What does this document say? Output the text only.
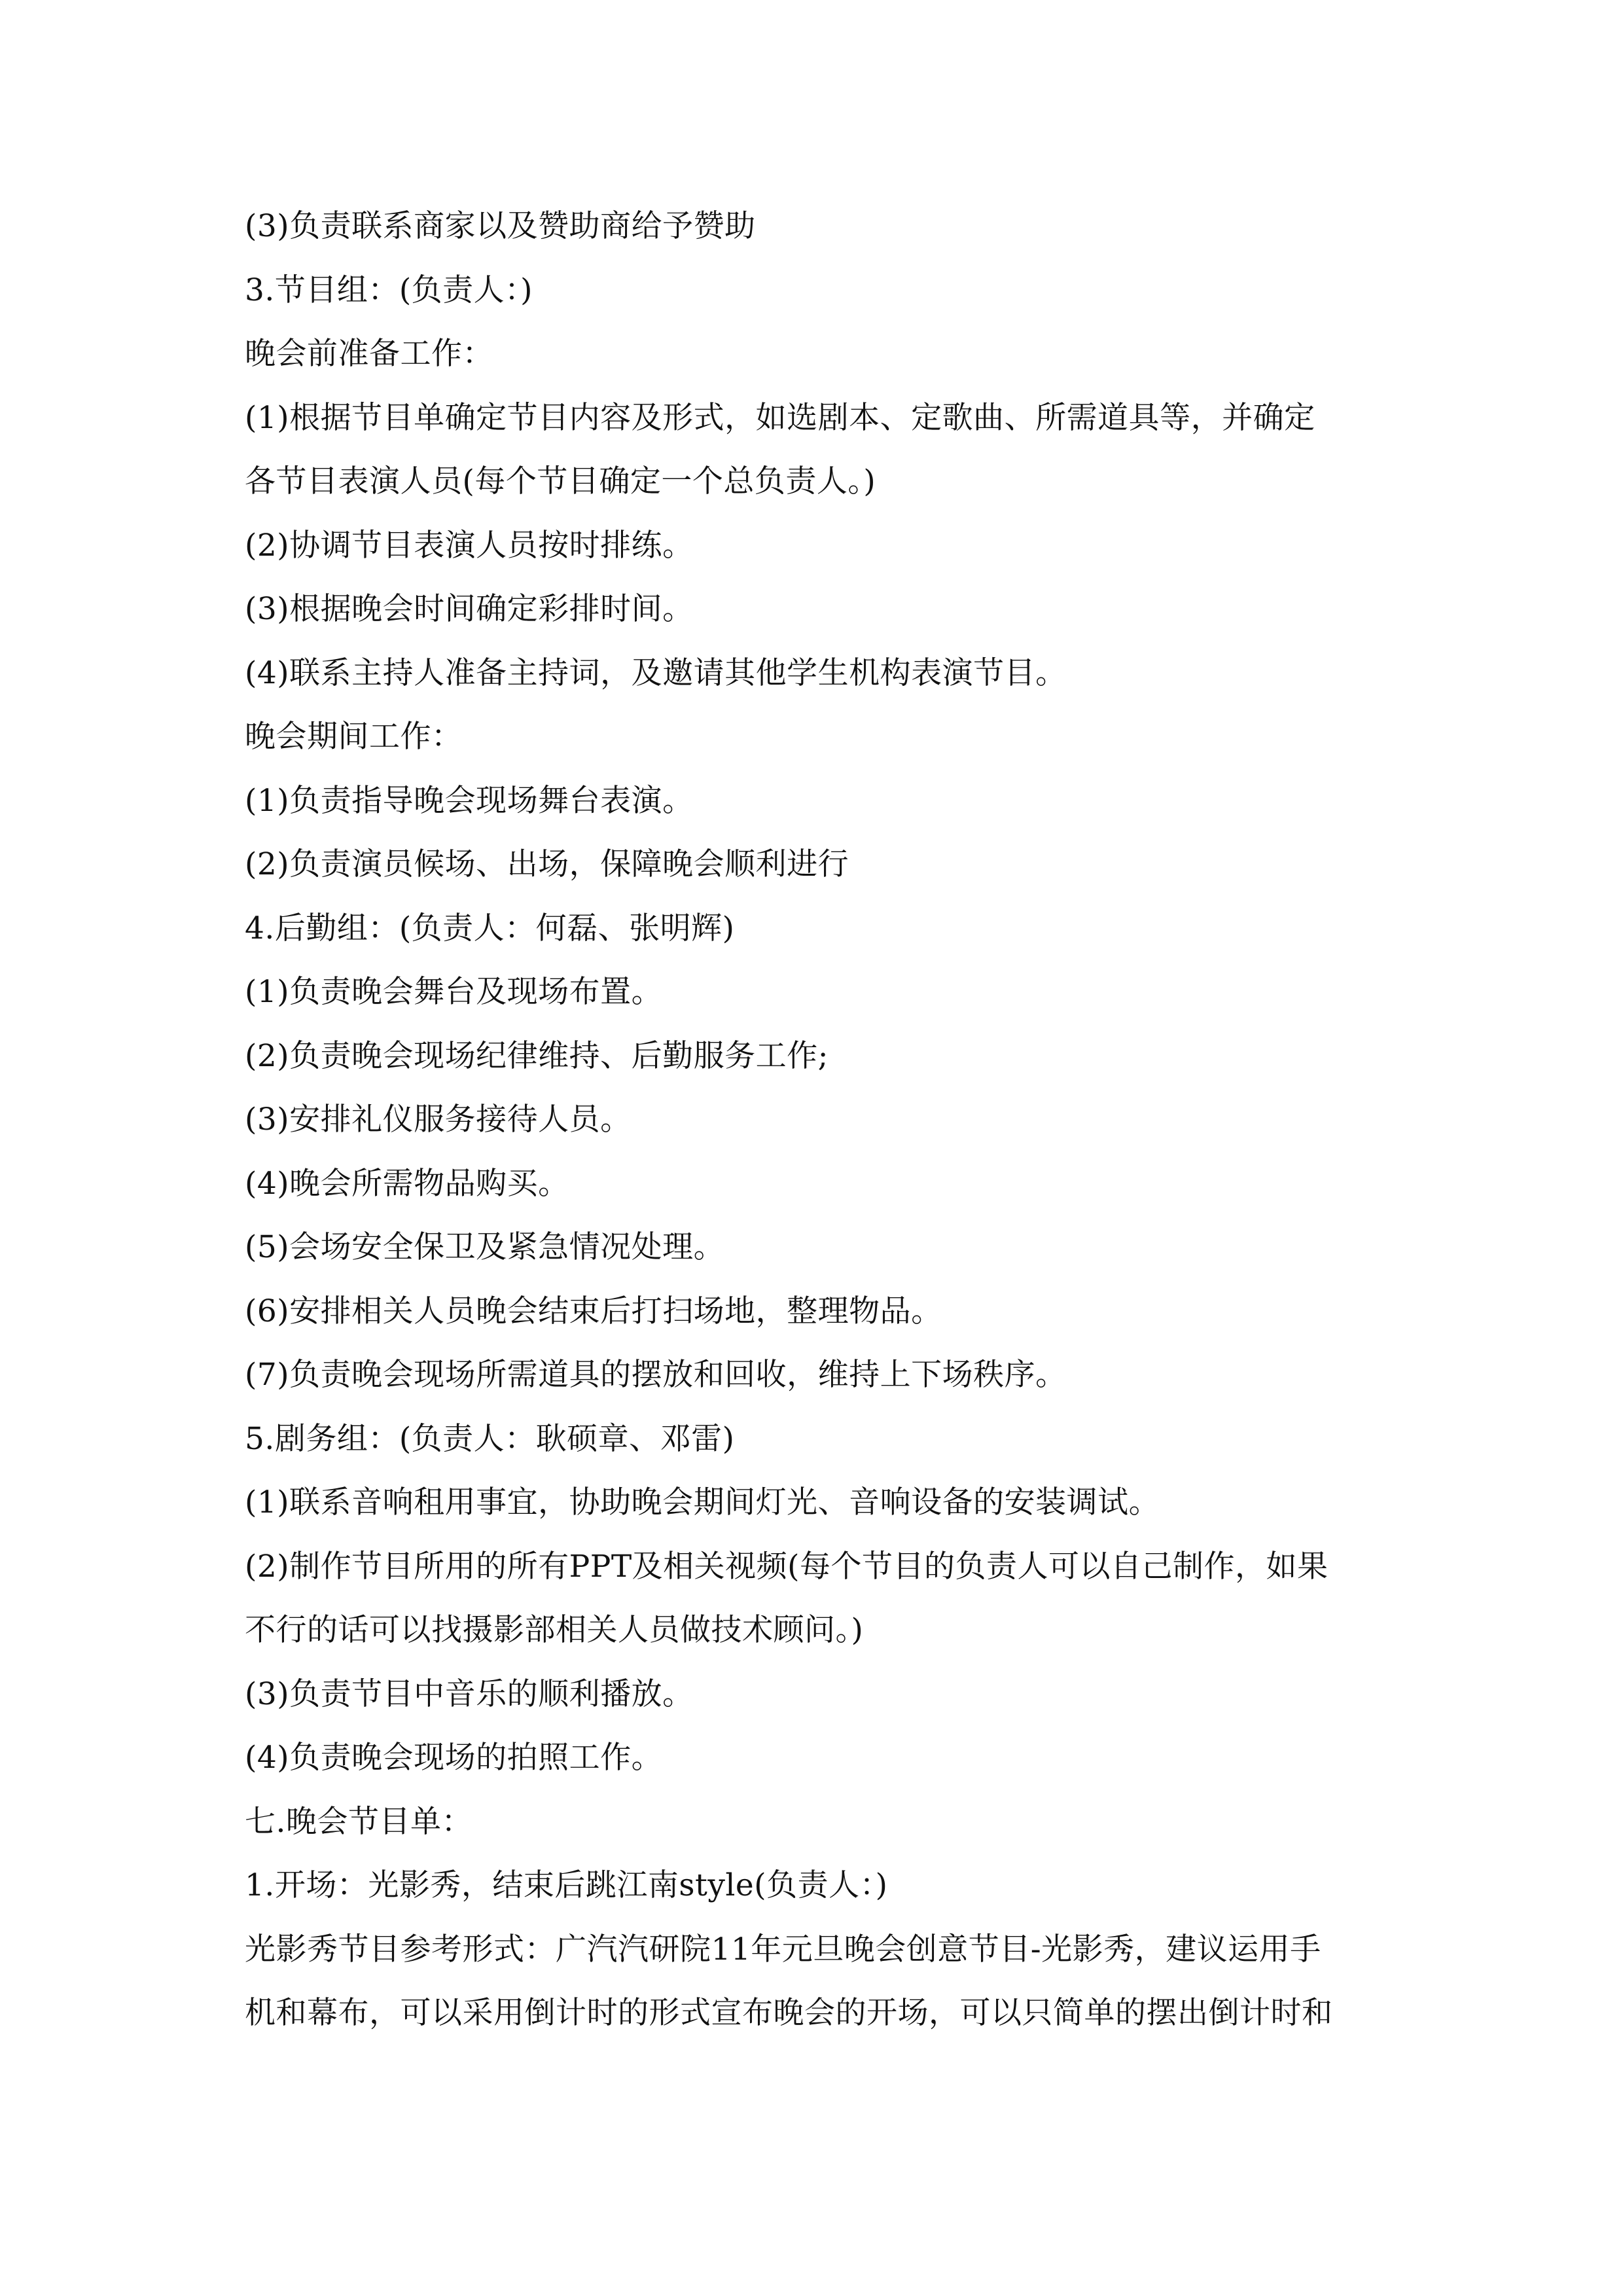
(3)负责联系商家以及赞助商给予赞助
3.节目组：(负责人：)
晚会前准备工作：
(1)根据节目单确定节目内容及形式，如选剧本、定歌曲、所需道具等，并确定
各节目表演人员(每个节目确定一个总负责人。)
(2)协调节目表演人员按时排练。
(3)根据晚会时间确定彩排时间。
(4)联系主持人准备主持词，及邀请其他学生机构表演节目。
晚会期间工作：
(1)负责指导晚会现场舞台表演。
(2)负责演员候场、出场，保障晚会顺利进行
4.后勤组：(负责人：何磊、张明辉)
(1)负责晚会舞台及现场布置。
(2)负责晚会现场纪律维持、后勤服务工作;
(3)安排礼仪服务接待人员。
(4)晚会所需物品购买。
(5)会场安全保卫及紧急情况处理。
(6)安排相关人员晚会结束后打扫场地，整理物品。
(7)负责晚会现场所需道具的摆放和回收，维持上下场秩序。
5.剧务组：(负责人：耿硕章、邓雷)
(1)联系音响租用事宜，协助晚会期间灯光、音响设备的安装调试。
(2)制作节目所用的所有PPT及相关视频(每个节目的负责人可以自己制作，如果
不行的话可以找摄影部相关人员做技术顾问。)
(3)负责节目中音乐的顺利播放。
(4)负责晚会现场的拍照工作。
七.晚会节目单：
1.开场：光影秀，结束后跳江南style(负责人：)
光影秀节目参考形式：广汽汽研院11年元旦晚会创意节目-光影秀，建议运用手
机和幕布，可以采用倒计时的形式宣布晚会的开场，可以只简单的摆出倒计时和
